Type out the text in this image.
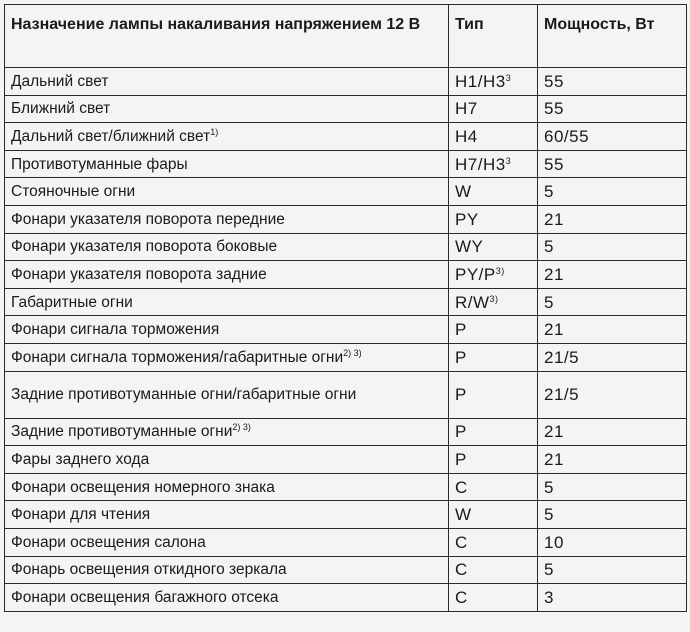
Назначение лампы накаливания напряжением 12 В	Тип	Мощность, Вт
Дальний свет	$H1/H3^3$	55
Ближний свет	H7	55
Дальний свет/ближний свет$^{1)}$	H4	60/55
Противотуманные фары	$H7/H3^3$	55
Стояночные огни	W	5
Фонари указателя поворота передние	PY	21
Фонари указателя поворота боковые	WY	5
Фонари указателя поворота задние	$PY/P^{3)}$	21
Габаритные огни	$R/W^{3)}$	5
Фонари сигнала торможения	P	21
Фонари сигнала торможения/габаритные огни$^{2) 3)}$	P	21/5
Задние противотуманные огни/габаритные огни	P	21/5
Задние противотуманные огни$^{2) 3)}$	P	21
Фары заднего хода	P	21
Фонари освещения номерного знака	C	5
Фонари для чтения	W	5
Фонари освещения салона	C	10
Фонарь освещения откидного зеркала	C	5
Фонари освещения багажного отсека	C	3
